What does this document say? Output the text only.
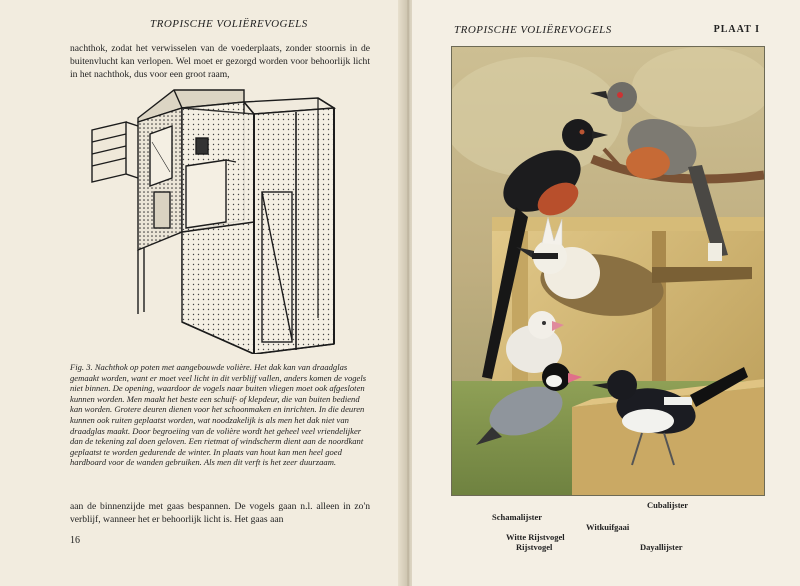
TROPISCHE VOLIËREVOGELS

nachthok, zodat het verwisselen van de voederplaats, zonder stoornis in de buitenvlucht kan verlopen. Wel moet er gezorgd worden voor behoorlijk licht in het nachthok, dus voor een groot raam,

Fig. 3. Nachthok op poten met aangebouwde volière. Het dak kan van draadglas gemaakt worden, want er moet veel licht in dit verblijf vallen, anders komen de vogels niet binnen. De opening, waardoor de vogels naar buiten vliegen moet ook afgesloten kunnen worden. Men maakt het beste een schuif- of klepdeur, die van buiten bediend kan worden. Grotere deuren dienen voor het schoonmaken en inrichten. In die deuren kunnen ook ruiten geplaatst worden, wat noodzakelijk is als men het dak niet van draadglas maakt. Door begroeiing van de volière wordt het geheel veel vriendelijker dan de tekening zal doen geloven. Een rietmat of windscherm dient aan de noordkant geplaatst te worden gedurende de winter. In plaats van hout kan men heel goed hardboard voor de wanden gebruiken. Als men dit verft is het zeer duurzaam.

aan de binnenzijde met gaas bespannen. De vogels gaan n.l. alleen in zo'n verblijf, wanneer het er behoorlijk licht is. Het gaas aan

16
TROPISCHE VOLIËREVOGELS	PLAAT I
Cubalijster
Schamalijster
Witkuifgaai
Witte Rijstvogel
Rijstvogel	Dayallijster
